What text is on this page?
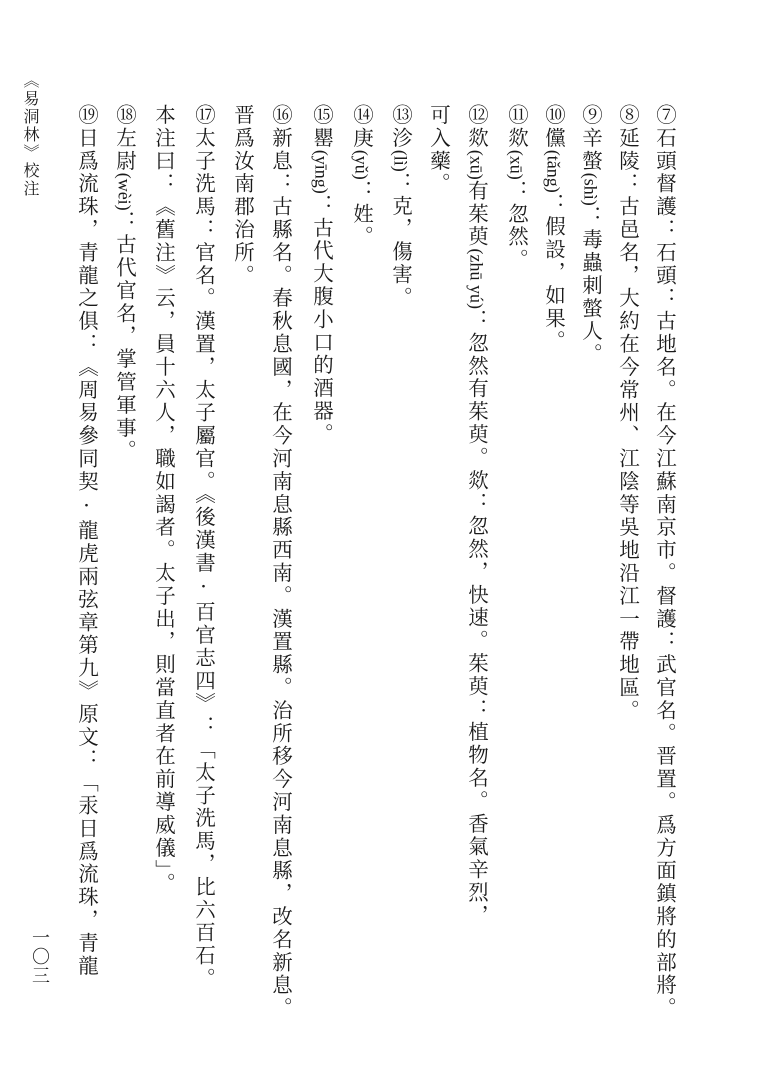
《易洞林》校注
一〇三	⑦石頭督護：石頭：古地名。在今江蘇南京市。督護：武官名。晋置。爲方面鎮將的部將。

⑧延陵：古邑名，大約在今常州、江陰等吳地沿江一帶地區。

⑨辛螫(shì)：毒蟲刺螫人。

⑩儻(tǎng)：假設，如果。

⑪欻(xū)：忽然。

⑫欻(xū)有茱萸(zhū yú)：忽然有茱萸。欻：忽然，快速。茱萸：植物名。香氣辛烈，

可入藥。

⑬沴(lì)：克，傷害。

⑭庚(yǔ)：姓。

⑮罌(yīng)：古代大腹小口的酒器。

⑯新息：古縣名。春秋息國，在今河南息縣西南。漢置縣。治所移今河南息縣，改名新息。

晋爲汝南郡治所。

⑰太子洗馬：官名。漢置，太子屬官。《後漢書·百官志四》：「太子洗馬，比六百石。

本注曰：《舊注》云，員十六人，職如謁者。太子出，則當直者在前導威儀」。

⑱左尉(wèi)：古代官名，掌管軍事。

⑲日爲流珠，青龍之俱：《周易參同契·龍虎兩弦章第九》原文：「汞日爲流珠，青龍
